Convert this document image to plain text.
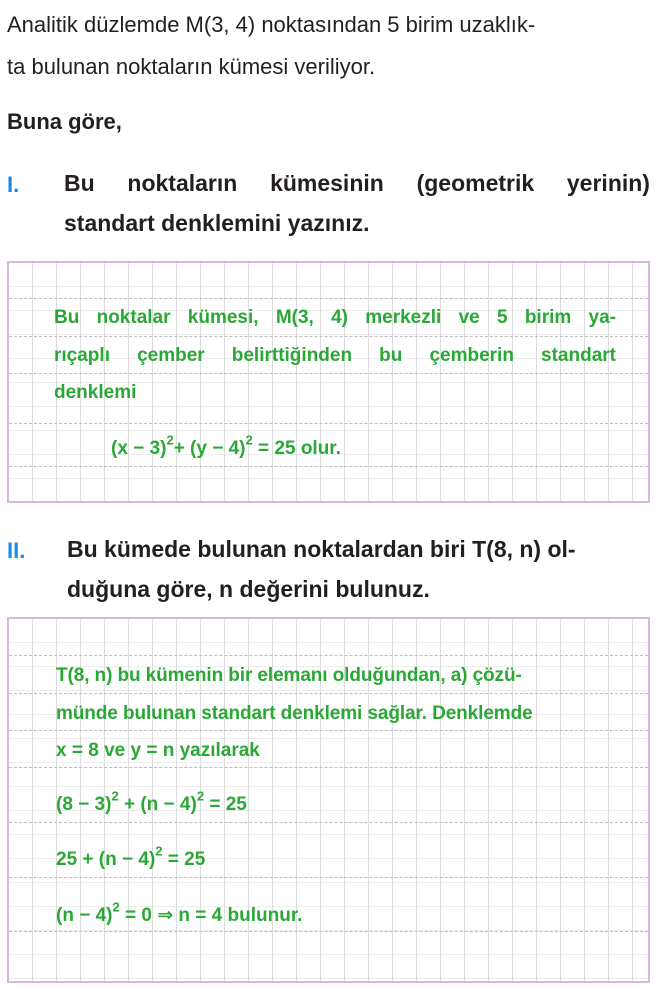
Analitik düzlemde M(3, 4) noktasından 5 birim uzaklık-
ta bulunan noktaların kümesi veriliyor.
Buna göre,
I. Bu noktaların kümesinin (geometrik yerinin)
standart denklemini yazınız.
Bu noktalar kümesi, M(3, 4) merkezli ve 5 birim ya-
rıçaplı çember belirttiğinden bu çemberin standart
denklemi
$(x - 3)^2+ (y - 4)^2 = 25$ olur.
II. Bu kümede bulunan noktalardan biri T(8, n) ol-
duğuna göre, n değerini bulunuz.
T(8, n) bu kümenin bir elemanı olduğundan, a) çözü-
münde bulunan standart denklemi sağlar. Denklemde
x = 8 ve y = n yazılarak
$(8 - 3)^2 + (n - 4)^2 = 25$
$25 + (n - 4)^2 = 25$
$(n - 4)^2 = 0$ ⇒ n = 4 bulunur.
